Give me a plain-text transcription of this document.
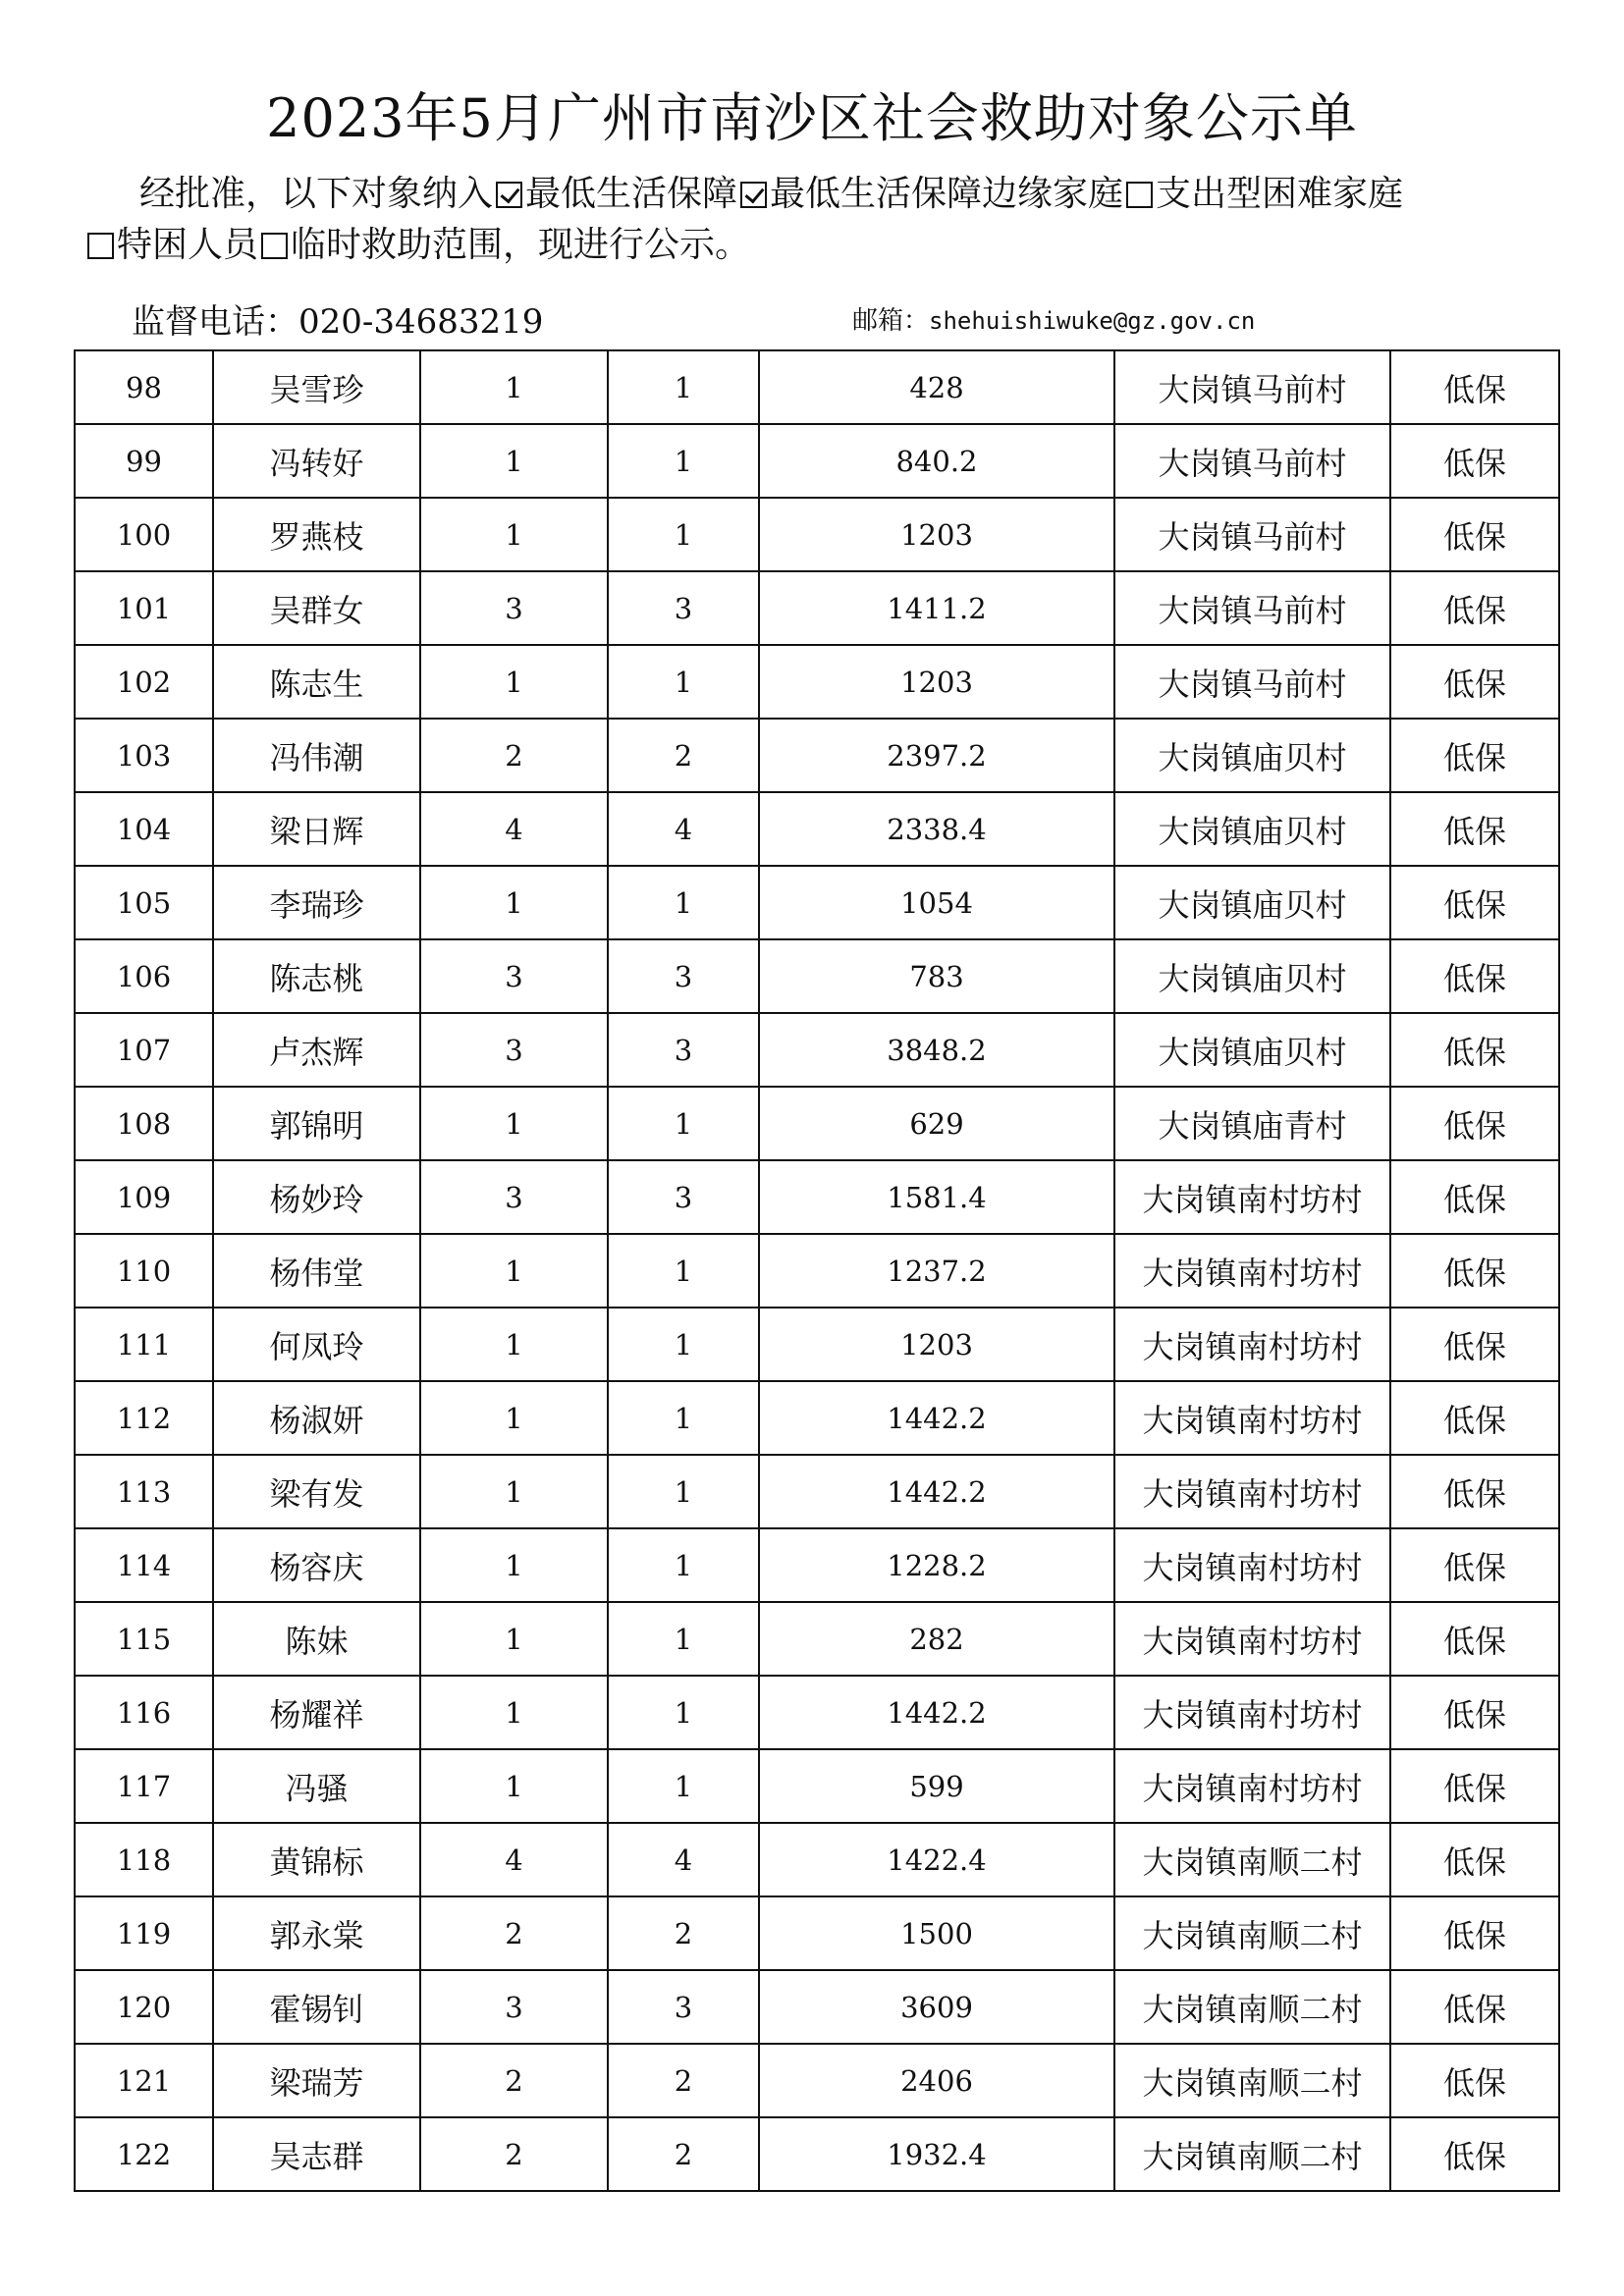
2023年5月广州市南沙区社会救助对象公示单
经批准，以下对象纳入 最低生活保障 最低生活保障边缘家庭 支出型困难家庭
特困人员 临时救助范围，现进行公示。
监督电话：020-34683219	邮箱：shehuishiwuke@gz.gov.cn
98	吴雪珍	1	1	428	大岗镇马前村	低保
99	冯转好	1	1	840.2	大岗镇马前村	低保
100	罗燕枝	1	1	1203	大岗镇马前村	低保
101	吴群女	3	3	1411.2	大岗镇马前村	低保
102	陈志生	1	1	1203	大岗镇马前村	低保
103	冯伟潮	2	2	2397.2	大岗镇庙贝村	低保
104	梁日辉	4	4	2338.4	大岗镇庙贝村	低保
105	李瑞珍	1	1	1054	大岗镇庙贝村	低保
106	陈志桃	3	3	783	大岗镇庙贝村	低保
107	卢杰辉	3	3	3848.2	大岗镇庙贝村	低保
108	郭锦明	1	1	629	大岗镇庙青村	低保
109	杨妙玲	3	3	1581.4	大岗镇南村坊村	低保
110	杨伟堂	1	1	1237.2	大岗镇南村坊村	低保
111	何凤玲	1	1	1203	大岗镇南村坊村	低保
112	杨淑妍	1	1	1442.2	大岗镇南村坊村	低保
113	梁有发	1	1	1442.2	大岗镇南村坊村	低保
114	杨容庆	1	1	1228.2	大岗镇南村坊村	低保
115	陈妹	1	1	282	大岗镇南村坊村	低保
116	杨耀祥	1	1	1442.2	大岗镇南村坊村	低保
117	冯骚	1	1	599	大岗镇南村坊村	低保
118	黄锦标	4	4	1422.4	大岗镇南顺二村	低保
119	郭永棠	2	2	1500	大岗镇南顺二村	低保
120	霍锡钊	3	3	3609	大岗镇南顺二村	低保
121	梁瑞芳	2	2	2406	大岗镇南顺二村	低保
122	吴志群	2	2	1932.4	大岗镇南顺二村	低保
